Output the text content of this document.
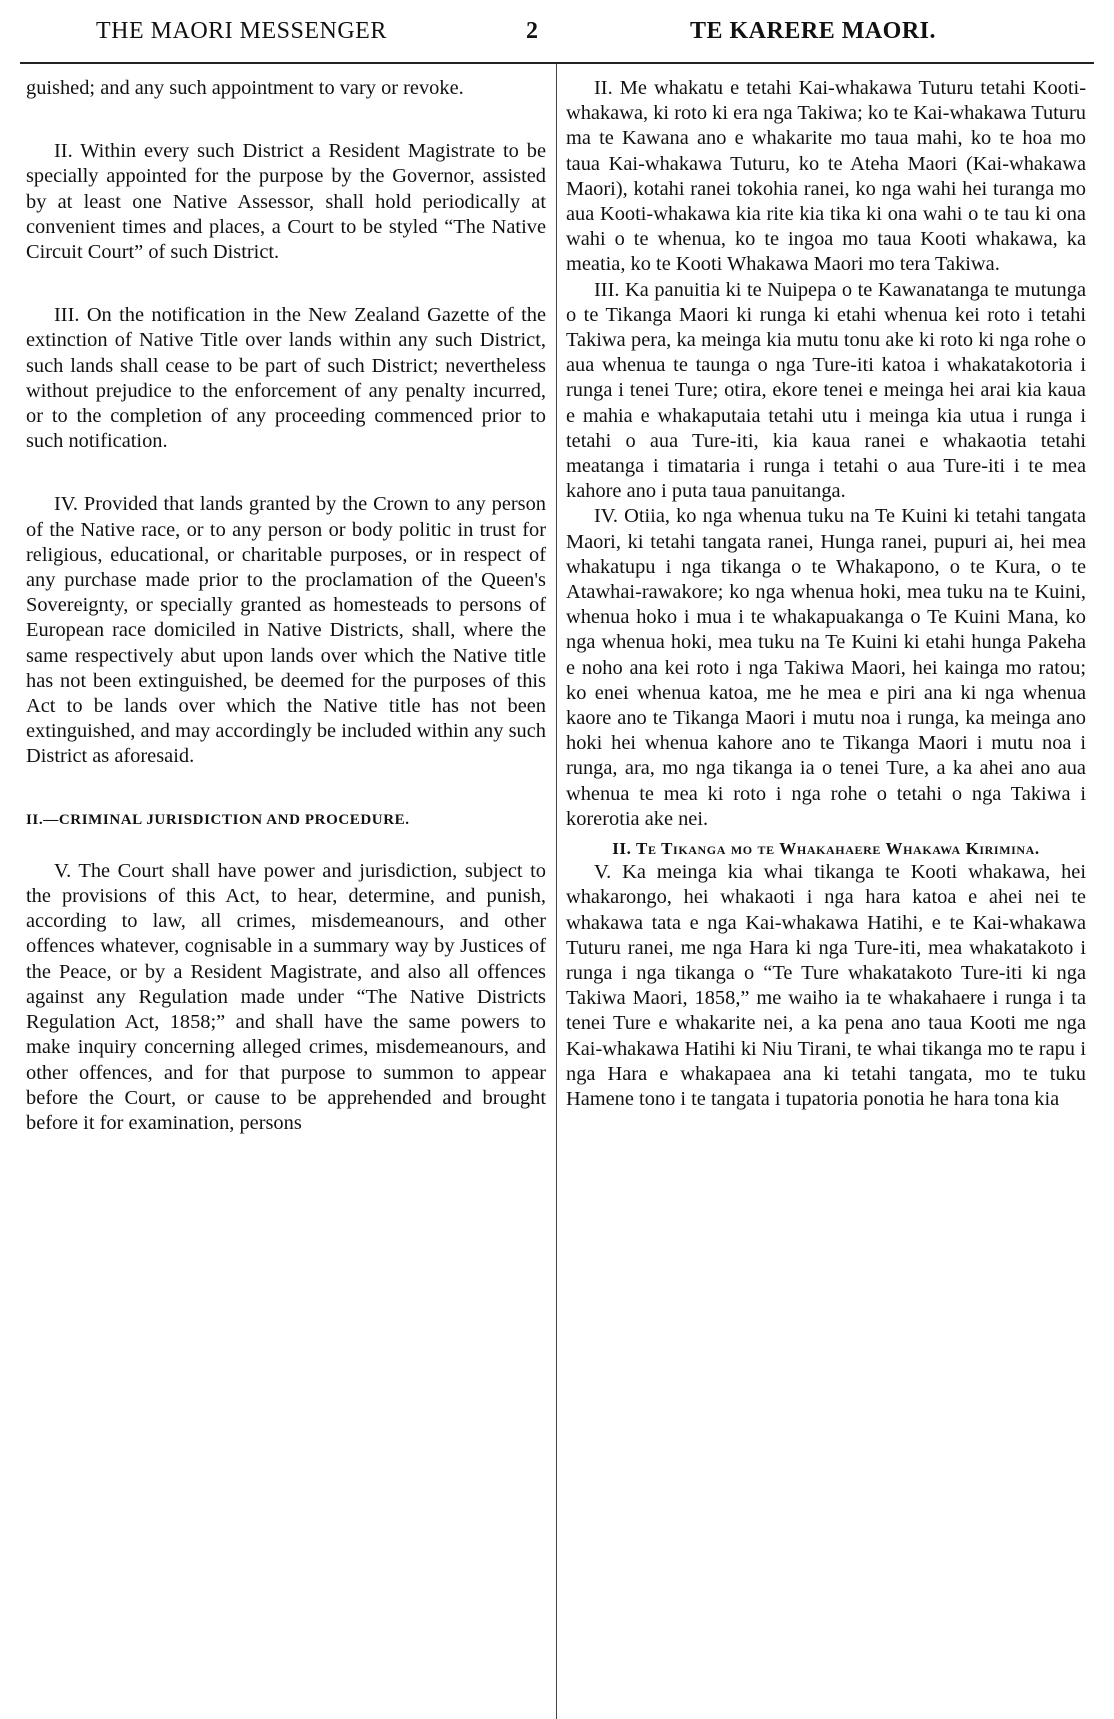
THE MAORI MESSENGER	2	TE KARERE MAORI.

guished; and any such appointment to vary or revoke.

II. Within every such District a Resident Magistrate to be specially appointed for the purpose by the Governor, assisted by at least one Native Assessor, shall hold periodically at convenient times and places, a Court to be styled “The Native Circuit Court” of such District.

III. On the notification in the New Zealand Gazette of the extinction of Native Title over lands within any such District, such lands shall cease to be part of such District; nevertheless without prejudice to the enforcement of any penalty incurred, or to the completion of any proceeding commenced prior to such notification.

IV. Provided that lands granted by the Crown to any person of the Native race, or to any person or body politic in trust for religious, educational, or charitable purposes, or in respect of any purchase made prior to the proclamation of the Queen's Sovereignty, or specially granted as homesteads to persons of European race domiciled in Native Districts, shall, where the same respectively abut upon lands over which the Native title has not been extinguished, be deemed for the purposes of this Act to be lands over which the Native title has not been extinguished, and may accordingly be included within any such District as aforesaid.

II.—CRIMINAL JURISDICTION AND PROCEDURE.

V. The Court shall have power and jurisdiction, subject to the provisions of this Act, to hear, determine, and punish, according to law, all crimes, misdemeanours, and other offences whatever, cognisable in a summary way by Justices of the Peace, or by a Resident Magistrate, and also all offences against any Regulation made under “The Native Districts Regulation Act, 1858;” and shall have the same powers to make inquiry concerning alleged crimes, misdemeanours, and other offences, and for that purpose to summon to appear before the Court, or cause to be apprehended and brought before it for examination, persons

II. Me whakatu e tetahi Kai-whakawa Tuturu tetahi Kooti-whakawa, ki roto ki era nga Takiwa; ko te Kai-whakawa Tuturu ma te Kawana ano e whakarite mo taua mahi, ko te hoa mo taua Kai-whakawa Tuturu, ko te Ateha Maori (Kai-whakawa Maori), kotahi ranei tokohia ranei, ko nga wahi hei turanga mo aua Kooti-whakawa kia rite kia tika ki ona wahi o te tau ki ona wahi o te whenua, ko te ingoa mo taua Kooti whakawa, ka meatia, ko te Kooti Whakawa Maori mo tera Takiwa.

III. Ka panuitia ki te Nuipepa o te Kawanatanga te mutunga o te Tikanga Maori ki runga ki etahi whenua kei roto i tetahi Takiwa pera, ka meinga kia mutu tonu ake ki roto ki nga rohe o aua whenua te taunga o nga Ture-iti katoa i whakatakotoria i runga i tenei Ture; otira, ekore tenei e meinga hei arai kia kaua e mahia e whakaputaia tetahi utu i meinga kia utua i runga i tetahi o aua Ture-iti, kia kaua ranei e whakaotia tetahi meatanga i timataria i runga i tetahi o aua Ture-iti i te mea kahore ano i puta taua panuitanga.

IV. Otiia, ko nga whenua tuku na Te Kuini ki tetahi tangata Maori, ki tetahi tangata ranei, Hunga ranei, pupuri ai, hei mea whakatupu i nga tikanga o te Whakapono, o te Kura, o te Atawhai-rawakore; ko nga whenua hoki, mea tuku na te Kuini, whenua hoko i mua i te whakapuakanga o Te Kuini Mana, ko nga whenua hoki, mea tuku na Te Kuini ki etahi hunga Pakeha e noho ana kei roto i nga Takiwa Maori, hei kainga mo ratou; ko enei whenua katoa, me he mea e piri ana ki nga whenua kaore ano te Tikanga Maori i mutu noa i runga, ka meinga ano hoki hei whenua kahore ano te Tikanga Maori i mutu noa i runga, ara, mo nga tikanga ia o tenei Ture, a ka ahei ano aua whenua te mea ki roto i nga rohe o tetahi o nga Takiwa i korerotia ake nei.

II. Te Tikanga mo te Whakahaere Whakawa Kirimina.

V. Ka meinga kia whai tikanga te Kooti whakawa, hei whakarongo, hei whakaoti i nga hara katoa e ahei nei te whakawa tata e nga Kai-whakawa Hatihi, e te Kai-whakawa Tuturu ranei, me nga Hara ki nga Ture-iti, mea whakatakoto i runga i nga tikanga o “Te Ture whakatakoto Ture-iti ki nga Takiwa Maori, 1858,” me waiho ia te whakahaere i runga i ta tenei Ture e whakarite nei, a ka pena ano taua Kooti me nga Kai-whakawa Hatihi ki Niu Tirani, te whai tikanga mo te rapu i nga Hara e whakapaea ana ki tetahi tangata, mo te tuku Hamene tono i te tangata i tupatoria ponotia he hara tona kia
